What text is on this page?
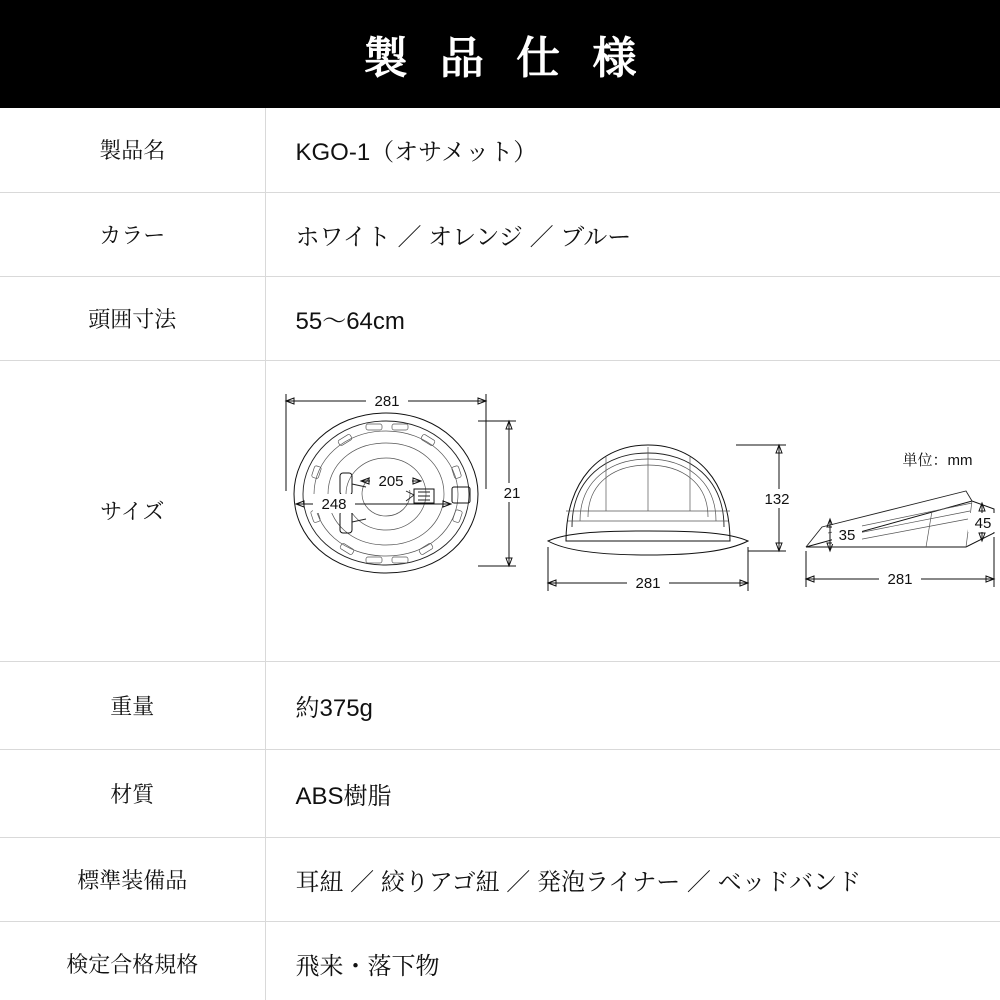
製 品 仕 様
製品名	KGO-1（オサメット）
カラー	ホワイト ／ オレンジ ／ ブルー
頭囲寸法	55〜64cm
サイズ	
単位：mm
281
205
248
21
281
132
281
35
45

重量	約375g
材質	ABS樹脂
標準装備品	耳紐 ／ 絞りアゴ紐 ／ 発泡ライナー ／ ベッドバンド
検定合格規格	飛来・落下物
